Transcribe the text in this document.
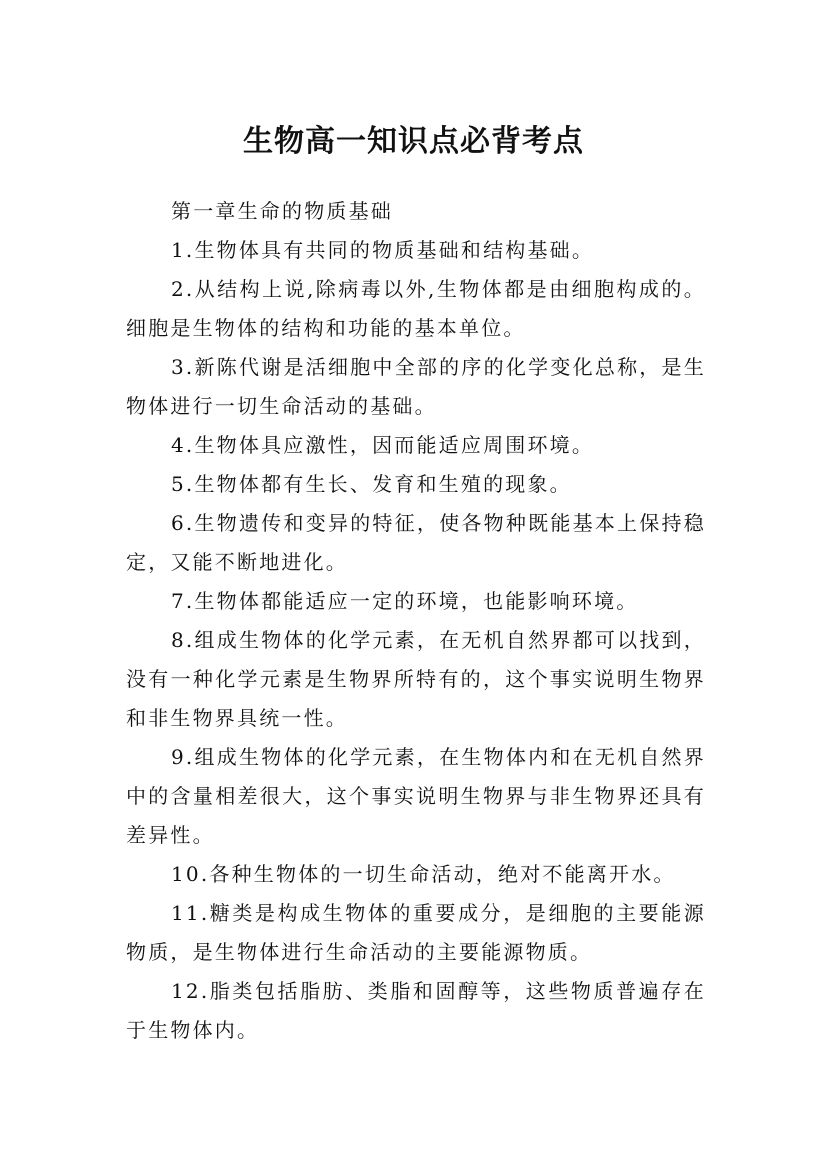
生物高一知识点必背考点

第一章生命的物质基础

1.生物体具有共同的物质基础和结构基础。

2.从结构上说,除病毒以外,生物体都是由细胞构成的。细胞是生物体的结构和功能的基本单位。

3.新陈代谢是活细胞中全部的序的化学变化总称，是生物体进行一切生命活动的基础。

4.生物体具应激性，因而能适应周围环境。

5.生物体都有生长、发育和生殖的现象。

6.生物遗传和变异的特征，使各物种既能基本上保持稳定，又能不断地进化。

7.生物体都能适应一定的环境，也能影响环境。

8.组成生物体的化学元素，在无机自然界都可以找到，没有一种化学元素是生物界所特有的，这个事实说明生物界和非生物界具统一性。

9.组成生物体的化学元素，在生物体内和在无机自然界中的含量相差很大，这个事实说明生物界与非生物界还具有差异性。

10.各种生物体的一切生命活动，绝对不能离开水。

11.糖类是构成生物体的重要成分，是细胞的主要能源物质，是生物体进行生命活动的主要能源物质。

12.脂类包括脂肪、类脂和固醇等，这些物质普遍存在于生物体内。
